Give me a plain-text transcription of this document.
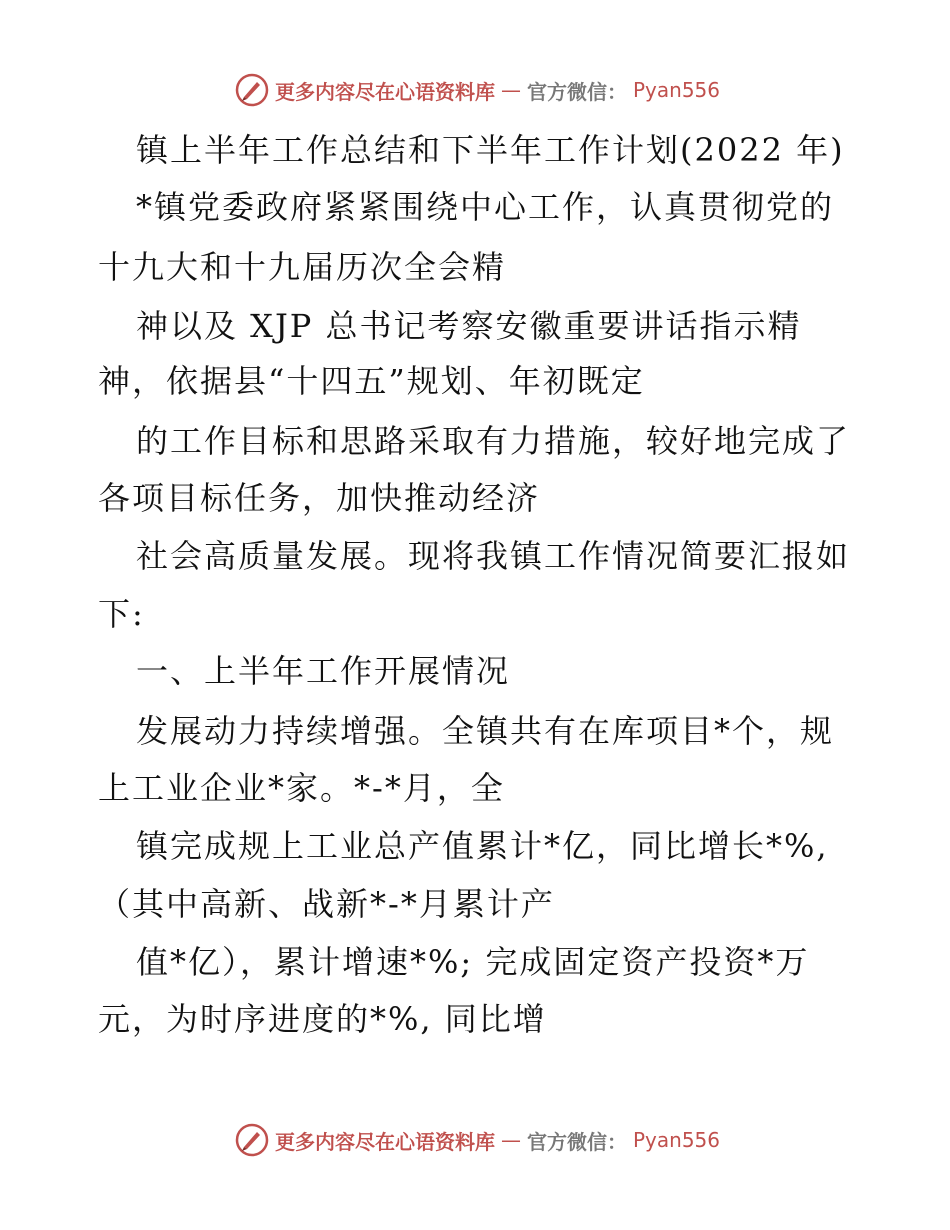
更多内容尽在心语资料库 — 官方微信： Pyan556
镇上半年工作总结和下半年工作计划(2022 年)
*镇党委政府紧紧围绕中心工作，认真贯彻党的
十九大和十九届历次全会精
神以及 XJP 总书记考察安徽重要讲话指示精
神，依据县“十四五”规划、年初既定
的工作目标和思路采取有力措施，较好地完成了
各项目标任务，加快推动经济
社会高质量发展。现将我镇工作情况简要汇报如
下:
一、上半年工作开展情况
发展动力持续增强。全镇共有在库项目*个，规
上工业企业*家。*-*月，全
镇完成规上工业总产值累计*亿，同比增长*%,
（其中高新、战新*-*月累计产
值*亿），累计增速*%; 完成固定资产投资*万
元，为时序进度的*%, 同比增
更多内容尽在心语资料库 — 官方微信： Pyan556
